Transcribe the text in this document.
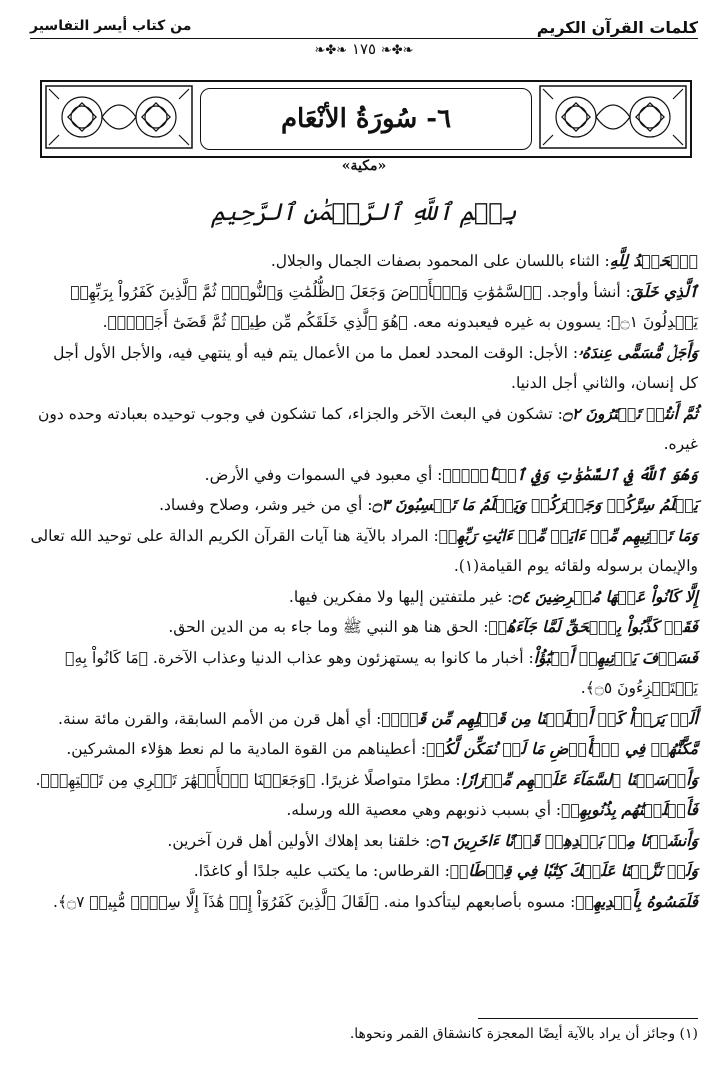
كلمات القرآن الكريم
من كتاب أيسر التفاسير
❧✤❧ ١٧٥ ❧✤❧
٦- سُورَةُ الأنْعَام
«مكية»
بِسۡمِ ٱللَّهِ ٱلرَّحۡمَٰنِ ٱلرَّحِيمِ

ٱلۡحَمۡدُ لِلَّهِ: الثناء باللسان على المحمود بصفات الجمال والجلال.

ٱلَّذِي خَلَقَ: أنشأ وأوجد. ﴿ٱلسَّمَٰوَٰتِ وَٱلۡأَرۡضَ وَجَعَلَ ٱلظُّلُمَٰتِ وَٱلنُّورَۖ ثُمَّ ٱلَّذِينَ كَفَرُواْ بِرَبِّهِمۡ يَعۡدِلُونَ ۝١﴾: يسوون به غيره فيعبدونه معه. ﴿هُوَ ٱلَّذِي خَلَقَكُم مِّن طِينٖ ثُمَّ قَضَىٰٓ أَجَلٗاۖ﴾.

وَأَجَلٞ مُّسَمًّى عِندَهُۥ: الأجل: الوقت المحدد لعمل ما من الأعمال يتم فيه أو ينتهي فيه، والأجل الأول أجل كل إنسان، والثاني أجل الدنيا.

ثُمَّ أَنتُمۡ تَمۡتَرُونَ ۝٢: تشكون في البعث الآخر والجزاء، كما تشكون في وجوب توحيده بعبادته وحده دون غيره.

وَهُوَ ٱللَّهُ فِي ٱلسَّمَٰوَٰتِ وَفِي ٱلۡأَرۡضِۖ: أي معبود في السموات وفي الأرض.

يَعۡلَمُ سِرَّكُمۡ وَجَهۡرَكُمۡ وَيَعۡلَمُ مَا تَكۡسِبُونَ ۝٣: أي من خير وشر، وصلاح وفساد.

وَمَا تَأۡتِيهِم مِّنۡ ءَايَةٖ مِّنۡ ءَايَٰتِ رَبِّهِمۡ: المراد بالآية هنا آيات القرآن الكريم الدالة على توحيد الله تعالى والإيمان برسوله ولقائه يوم القيامة(١).

إِلَّا كَانُواْ عَنۡهَا مُعۡرِضِينَ ۝٤: غير ملتفتين إليها ولا مفكرين فيها.

فَقَدۡ كَذَّبُواْ بِٱلۡحَقِّ لَمَّا جَآءَهُمۡ: الحق هنا هو النبي ﷺ وما جاء به من الدين الحق.

فَسَوۡفَ يَأۡتِيهِمۡ أَنۢبَٰٓؤُاْ: أخبار ما كانوا به يستهزئون وهو عذاب الدنيا وعذاب الآخرة. ﴿مَا كَانُواْ بِهِۦ يَسۡتَهۡزِءُونَ ۝٥﴾.

أَلَمۡ يَرَوۡاْ كَمۡ أَهۡلَكۡنَا مِن قَبۡلِهِم مِّن قَرۡنٖ: أي أهل قرن من الأمم السابقة، والقرن مائة سنة.

مَّكَّنَّٰهُمۡ فِي ٱلۡأَرۡضِ مَا لَمۡ نُمَكِّن لَّكُمۡ: أعطيناهم من القوة المادية ما لم نعط هؤلاء المشركين.

وَأَرۡسَلۡنَا ٱلسَّمَآءَ عَلَيۡهِم مِّدۡرَارٗا: مطرًا متواصلًا غزيرًا. ﴿وَجَعَلۡنَا ٱلۡأَنۡهَٰرَ تَجۡرِي مِن تَحۡتِهِمۡ﴾.

فَأَهۡلَكۡنَٰهُم بِذُنُوبِهِمۡ: أي بسبب ذنوبهم وهي معصية الله ورسله.

وَأَنشَأۡنَا مِنۢ بَعۡدِهِمۡ قَرۡنًا ءَاخَرِينَ ۝٦: خلقنا بعد إهلاك الأولين أهل قرن آخرين.

وَلَوۡ نَزَّلۡنَا عَلَيۡكَ كِتَٰبٗا فِي قِرۡطَاسٖ: القرطاس: ما يكتب عليه جلدًا أو كاغدًا.

فَلَمَسُوهُ بِأَيۡدِيهِمۡ: مسوه بأصابعهم ليتأكدوا منه. ﴿لَقَالَ ٱلَّذِينَ كَفَرُوٓاْ إِنۡ هَٰذَآ إِلَّا سِحۡرٞ مُّبِينٞ ۝٧﴾.

(١) وجائز أن يراد بالآية أيضًا المعجزة كانشقاق القمر ونحوها.
